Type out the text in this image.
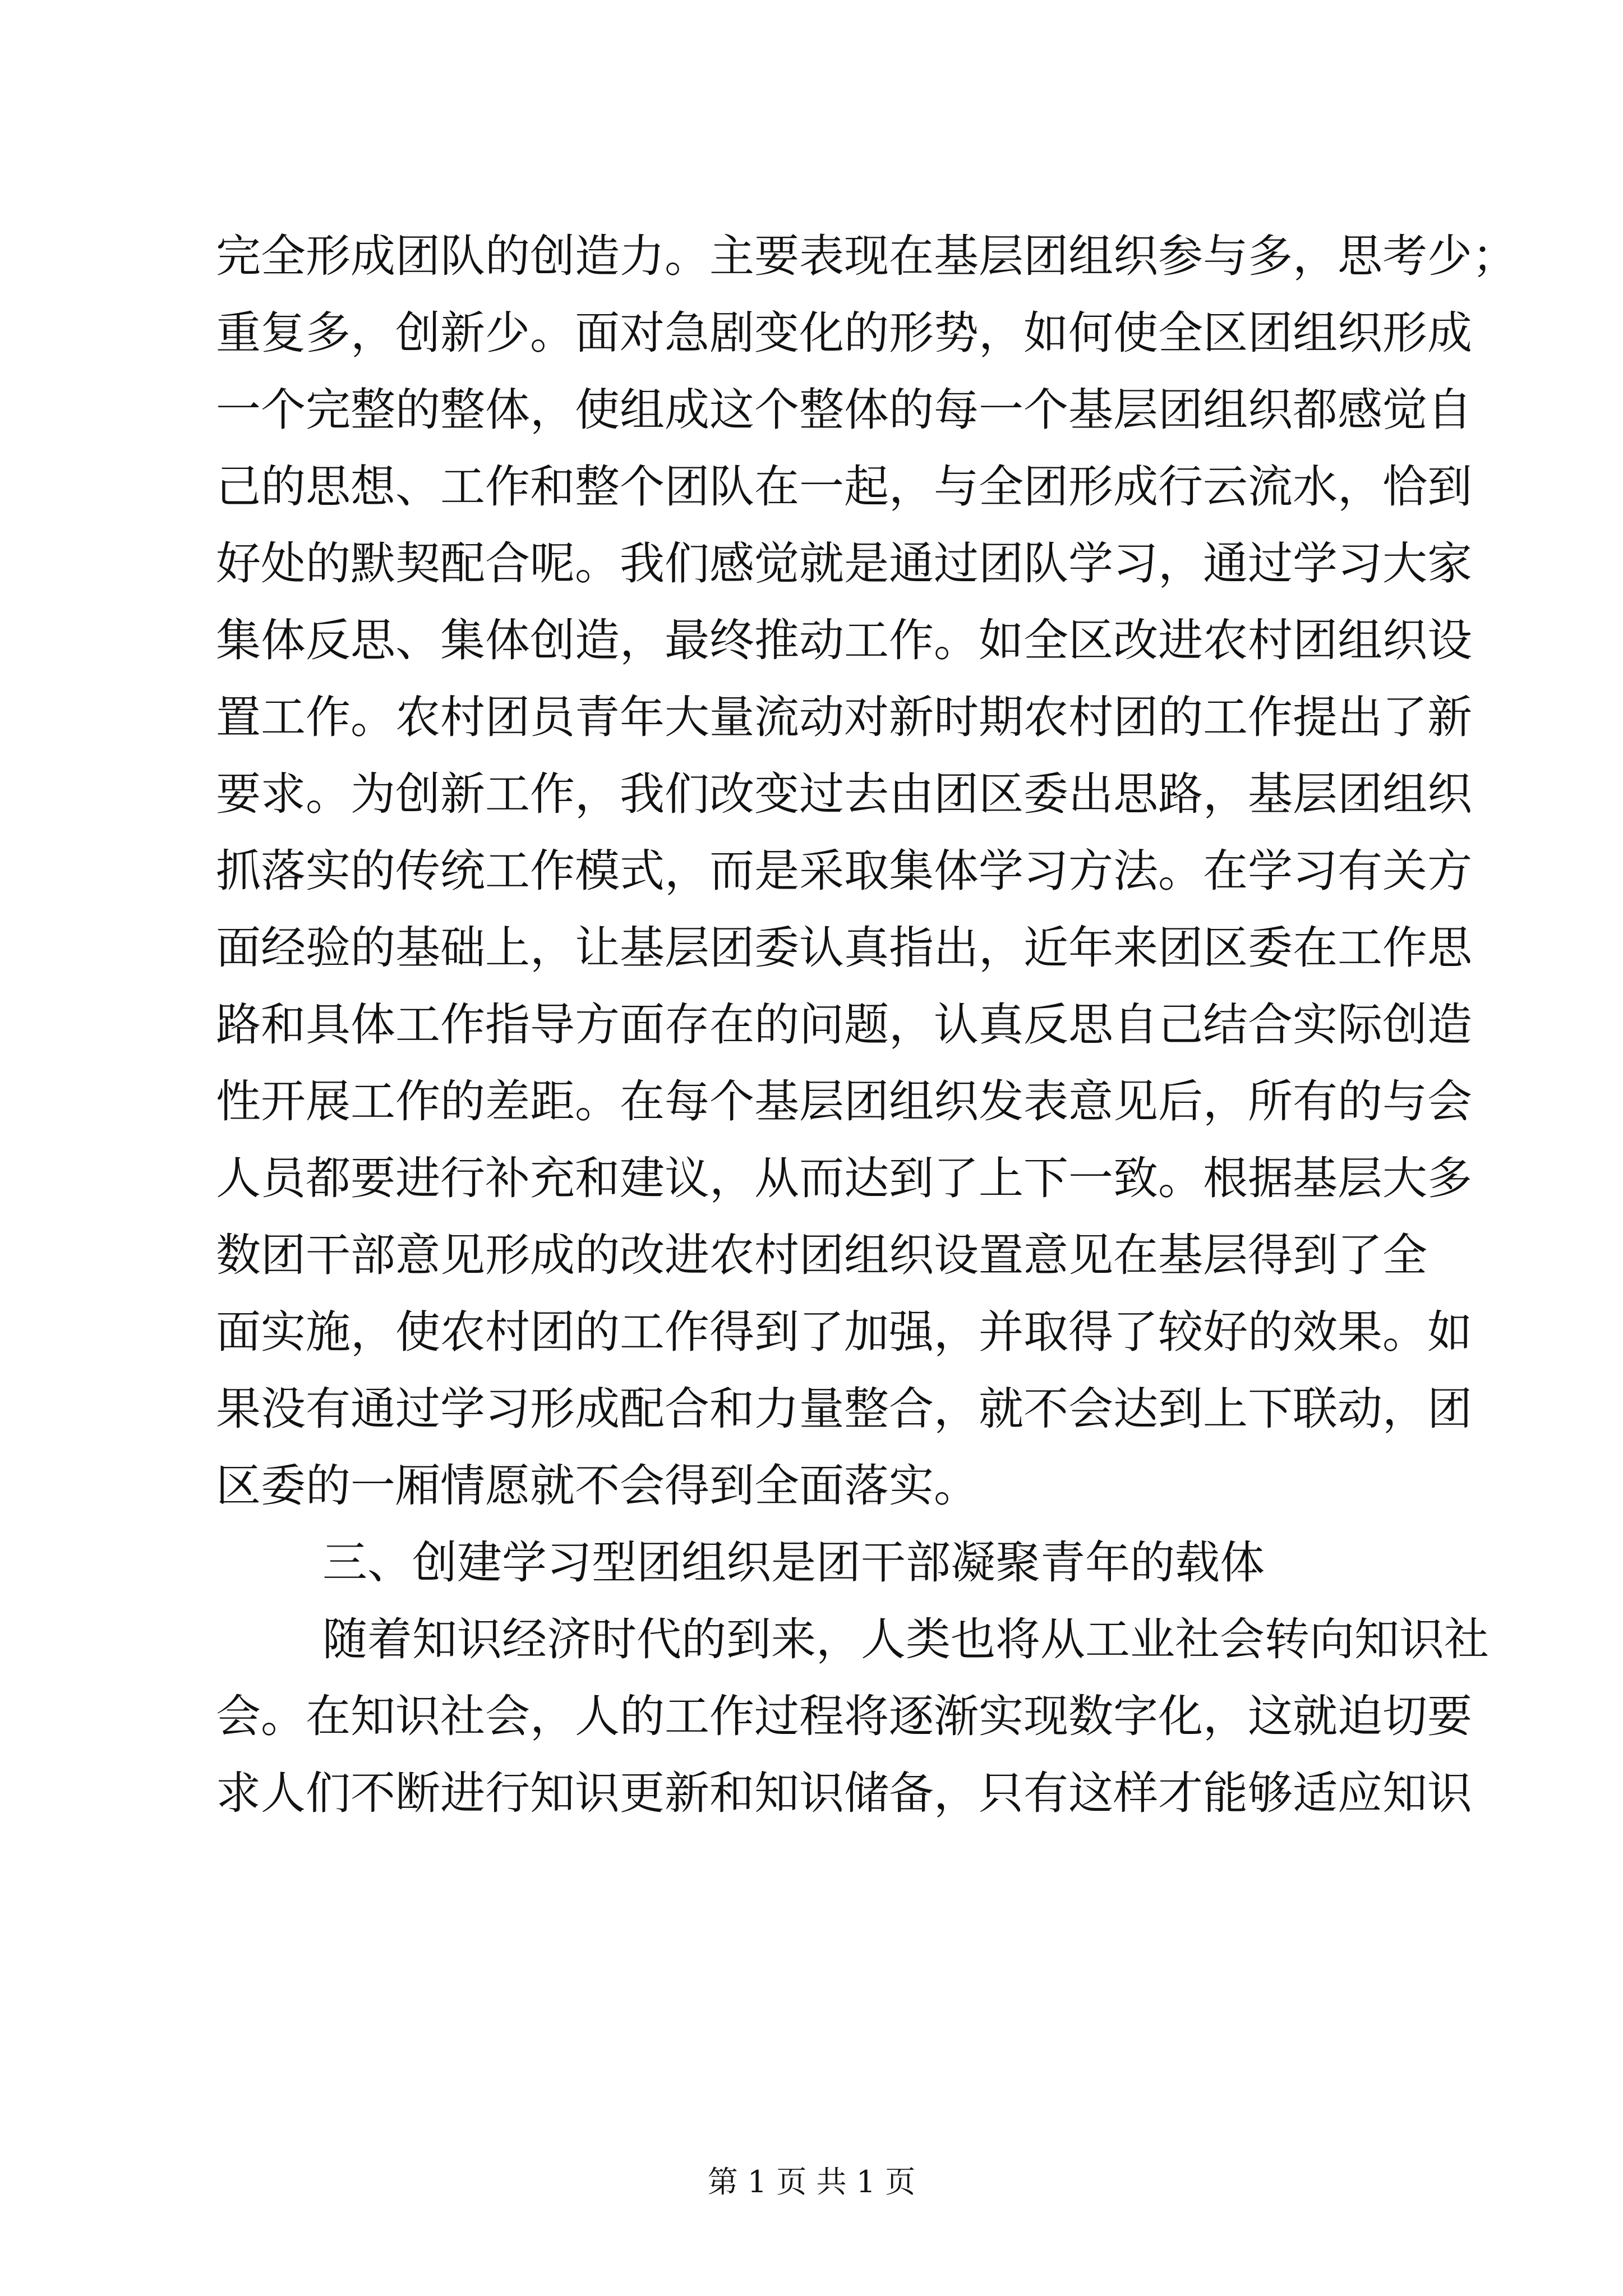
完全形成团队的创造力。主要表现在基层团组织参与多，思考少；
重复多，创新少。面对急剧变化的形势，如何使全区团组织形成
一个完整的整体，使组成这个整体的每一个基层团组织都感觉自
己的思想、工作和整个团队在一起，与全团形成行云流水，恰到
好处的默契配合呢。我们感觉就是通过团队学习，通过学习大家
集体反思、集体创造，最终推动工作。如全区改进农村团组织设
置工作。农村团员青年大量流动对新时期农村团的工作提出了新
要求。为创新工作，我们改变过去由团区委出思路，基层团组织
抓落实的传统工作模式，而是采取集体学习方法。在学习有关方
面经验的基础上，让基层团委认真指出，近年来团区委在工作思
路和具体工作指导方面存在的问题，认真反思自己结合实际创造
性开展工作的差距。在每个基层团组织发表意见后，所有的与会
人员都要进行补充和建议，从而达到了上下一致。根据基层大多
数团干部意见形成的改进农村团组织设置意见在基层得到了全
面实施，使农村团的工作得到了加强，并取得了较好的效果。如
果没有通过学习形成配合和力量整合，就不会达到上下联动，团
区委的一厢情愿就不会得到全面落实。
三、创建学习型团组织是团干部凝聚青年的载体
随着知识经济时代的到来，人类也将从工业社会转向知识社
会。在知识社会，人的工作过程将逐渐实现数字化，这就迫切要
求人们不断进行知识更新和知识储备，只有这样才能够适应知识
第 1 页 共 1 页
